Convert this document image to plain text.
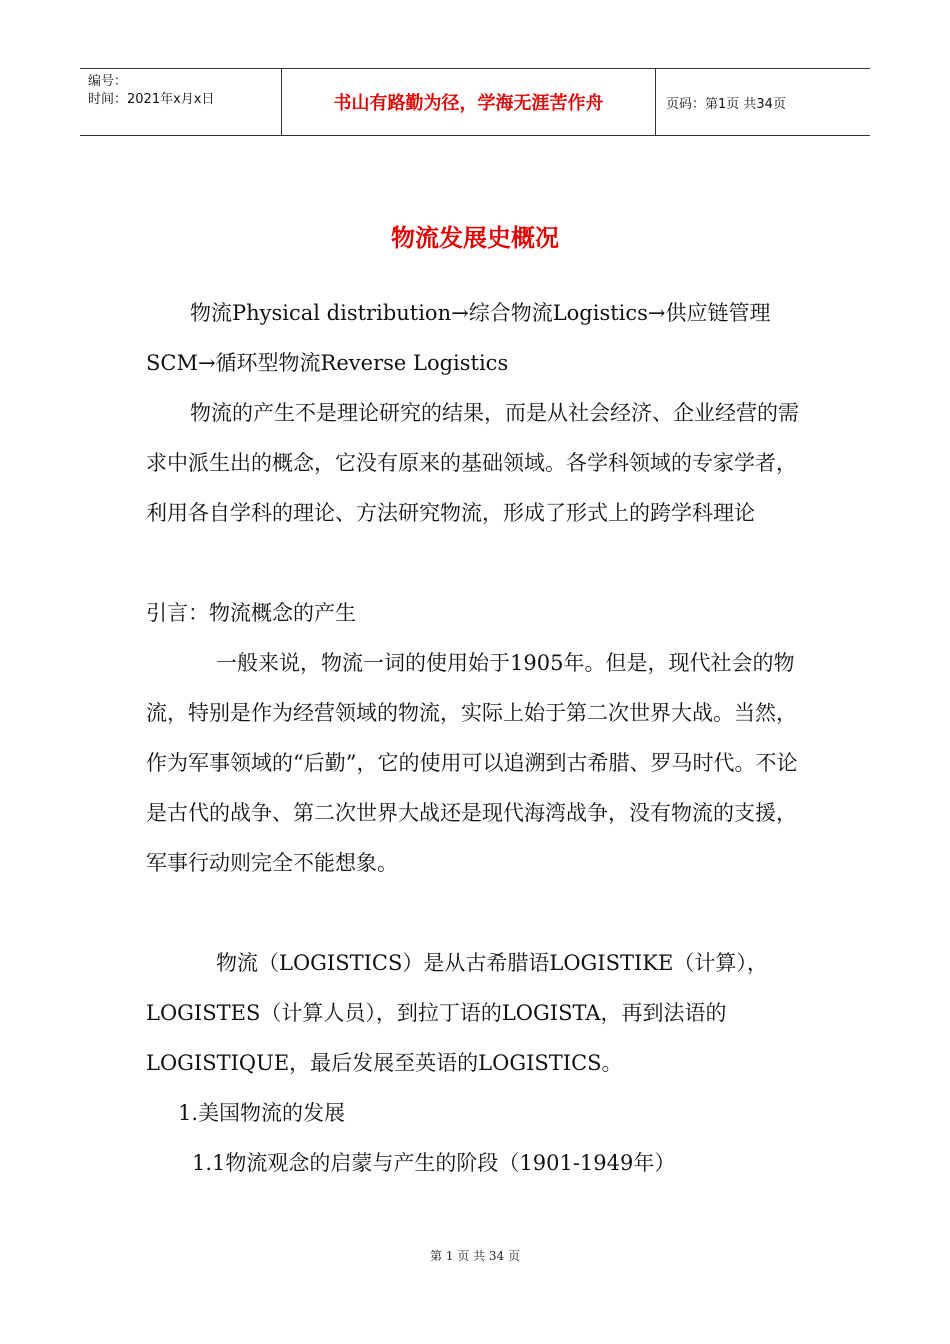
编号：
时间：2021年x月x日	书山有路勤为径，学海无涯苦作舟	页码：第1页 共34页
物流发展史概况

物流Physical distribution→综合物流Logistics→供应链管理SCM→循环型物流Reverse Logistics

物流的产生不是理论研究的结果，而是从社会经济、企业经营的需求中派生出的概念，它没有原来的基础领域。各学科领域的专家学者，利用各自学科的理论、方法研究物流，形成了形式上的跨学科理论

引言：物流概念的产生

一般来说，物流一词的使用始于1905年。但是，现代社会的物流，特别是作为经营领域的物流，实际上始于第二次世界大战。当然，作为军事领域的“后勤”，它的使用可以追溯到古希腊、罗马时代。不论是古代的战争、第二次世界大战还是现代海湾战争，没有物流的支援，军事行动则完全不能想象。

物流（LOGISTICS）是从古希腊语LOGISTIKE（计算），LOGISTES（计算人员），到拉丁语的LOGISTA，再到法语的LOGISTIQUE，最后发展至英语的LOGISTICS。

1.美国物流的发展

1.1物流观念的启蒙与产生的阶段（1901-1949年）

第 1 页 共 34 页
